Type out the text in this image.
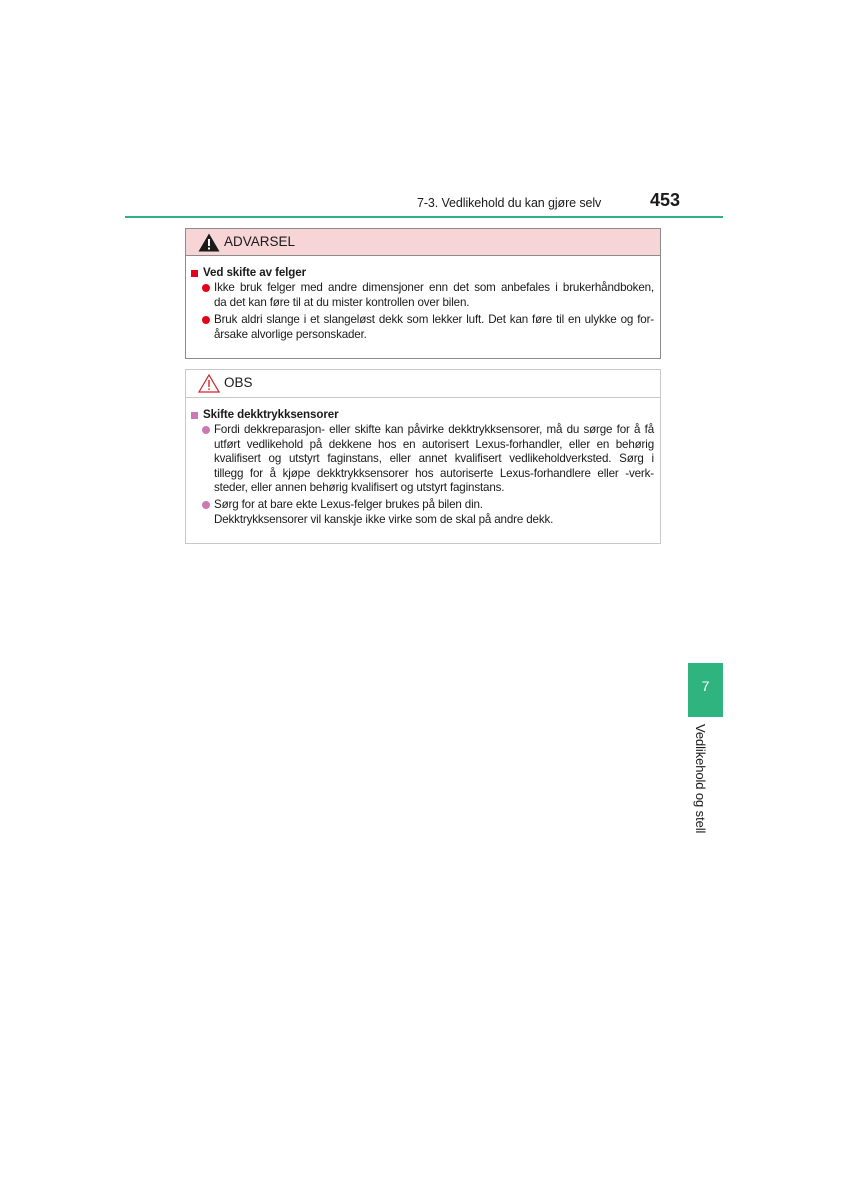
7-3. Vedlikehold du kan gjøre selv	453
ADVARSEL
Ved skifte av felger
Ikke bruk felger med andre dimensjoner enn det som anbefales i brukerhåndboken,
da det kan føre til at du mister kontrollen over bilen.
Bruk aldri slange i et slangeløst dekk som lekker luft. Det kan føre til en ulykke og for-
årsake alvorlige personskader.
OBS
Skifte dekktrykksensorer
Fordi dekkreparasjon- eller skifte kan påvirke dekktrykksensorer, må du sørge for å få
utført vedlikehold på dekkene hos en autorisert Lexus-forhandler, eller en behørig
kvalifisert og utstyrt faginstans, eller annet kvalifisert vedlikeholdverksted. Sørg i
tillegg for å kjøpe dekktrykksensorer hos autoriserte Lexus-forhandlere eller -verk-
steder, eller annen behørig kvalifisert og utstyrt faginstans.
Sørg for at bare ekte Lexus-felger brukes på bilen din.
Dekktrykksensorer vil kanskje ikke virke som de skal på andre dekk.
7
Vedlikehold og stell
